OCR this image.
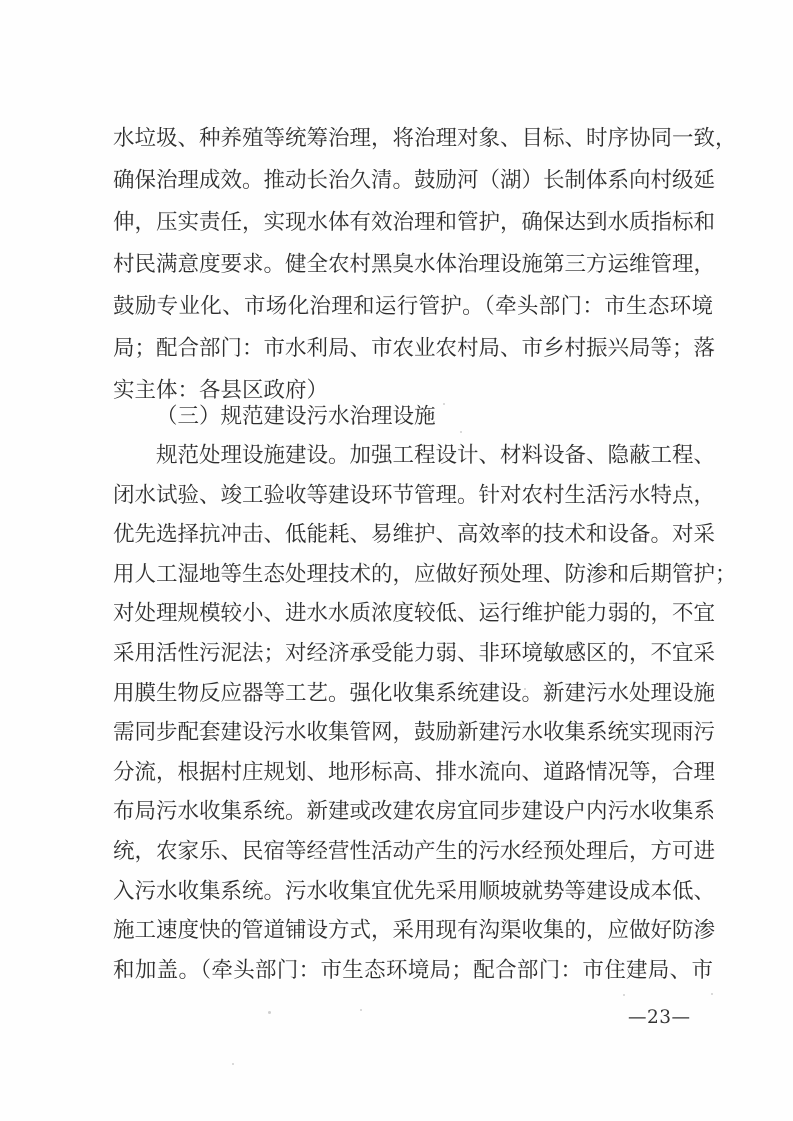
水垃圾、种养殖等统筹治理，将治理对象、目标、时序协同一致，
确保治理成效。推动长治久清。鼓励河（湖）长制体系向村级延
伸，压实责任，实现水体有效治理和管护，确保达到水质指标和
村民满意度要求。健全农村黑臭水体治理设施第三方运维管理，
鼓励专业化、市场化治理和运行管护。（牵头部门：市生态环境
局；配合部门：市水利局、市农业农村局、市乡村振兴局等；落
实主体：各县区政府）
（三）规范建设污水治理设施
规范处理设施建设。加强工程设计、材料设备、隐蔽工程、
闭水试验、竣工验收等建设环节管理。针对农村生活污水特点，
优先选择抗冲击、低能耗、易维护、高效率的技术和设备。对采
用人工湿地等生态处理技术的，应做好预处理、防渗和后期管护；
对处理规模较小、进水水质浓度较低、运行维护能力弱的，不宜
采用活性污泥法；对经济承受能力弱、非环境敏感区的，不宜采
用膜生物反应器等工艺。强化收集系统建设。新建污水处理设施
需同步配套建设污水收集管网，鼓励新建污水收集系统实现雨污
分流，根据村庄规划、地形标高、排水流向、道路情况等，合理
布局污水收集系统。新建或改建农房宜同步建设户内污水收集系
统，农家乐、民宿等经营性活动产生的污水经预处理后，方可进
入污水收集系统。污水收集宜优先采用顺坡就势等建设成本低、
施工速度快的管道铺设方式，采用现有沟渠收集的，应做好防渗
和加盖。（牵头部门：市生态环境局；配合部门：市住建局、市
—23—
